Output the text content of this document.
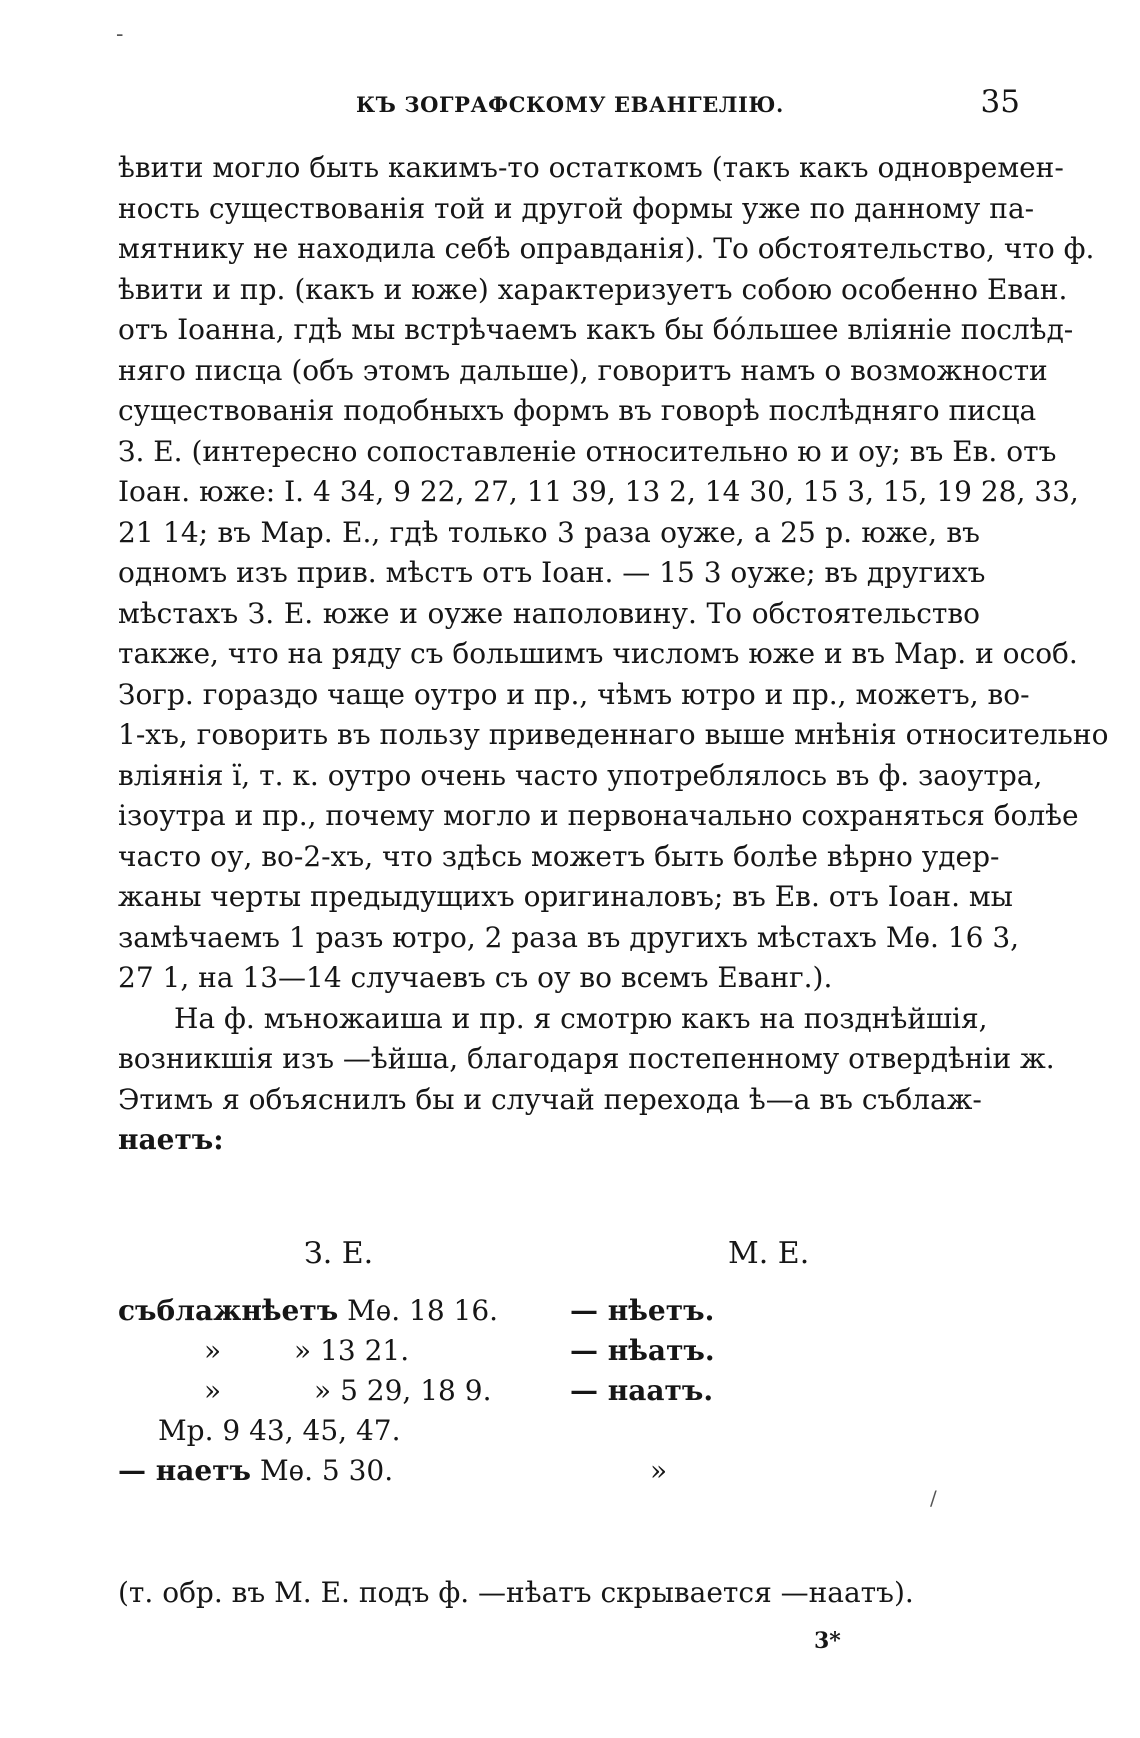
-
КЪ ЗОГРАФСКОМУ ЕВАНГЕЛІЮ.	35
ѣвити могло быть какимъ-то остаткомъ (такъ какъ одновремен-
ность существованія той и другой формы уже по данному па-
мятнику не находила себѣ оправданія). То обстоятельство, что ф.
ѣвити и пр. (какъ и юже) характеризуетъ собою особенно Еван.
отъ Іоанна, гдѣ мы встрѣчаемъ какъ бы бóльшее вліяніе послѣд-
няго писца (объ этомъ дальше), говоритъ намъ о возможности
существованія подобныхъ формъ въ говорѣ послѣдняго писца
З. Е. (интересно сопоставленіе относительно ю и оу; въ Ев. отъ
Іоан. юже: І. 4 34, 9 22, 27, 11 39, 13 2, 14 30, 15 3, 15, 19 28, 33,
21 14; въ Мар. Е., гдѣ только 3 раза оуже, а 25 р. юже, въ
одномъ изъ прив. мѣстъ отъ Іоан. — 15 3 оуже; въ другихъ
мѣстахъ З. Е. юже и оуже наполовину. То обстоятельство
также, что на ряду съ большимъ числомъ юже и въ Мар. и особ.
Зогр. гораздо чаще оутро и пр., чѣмъ ютро и пр., можетъ, во-
1-хъ, говорить въ пользу приведеннаго выше мнѣнія относительно
вліянія ї, т. к. оутро очень часто употреблялось въ ф. заоутра,
ізоутра и пр., почему могло и первоначально сохраняться болѣе
часто оу, во-2-хъ, что здѣсь можетъ быть болѣе вѣрно удер-
жаны черты предыдущихъ оригиналовъ; въ Ев. отъ Іоан. мы
замѣчаемъ 1 разъ ютро, 2 раза въ другихъ мѣстахъ Мѳ. 16 3,
27 1, на 13—14 случаевъ съ оу во всемъ Еванг.).
На ф. мъножаиша и пр. я смотрю какъ на позднѣйшія,
возникшія изъ —ѣйша, благодаря постепенному отвердѣніи ж.
Этимъ я объяснилъ бы и случай перехода ѣ—а въ съблаж-
наетъ:
З. Е.	М. Е.
съблажнѣетъ Мѳ. 18 16.	— нѣетъ.
»	» 13 21.	— нѣатъ.
»	» 5 29, 18 9.	— наатъ.
Мр. 9 43, 45, 47.
— наетъ Мѳ. 5 30.	»
/
(т. обр. въ М. Е. подъ ф. —нѣатъ скрывается —наатъ).
3*
